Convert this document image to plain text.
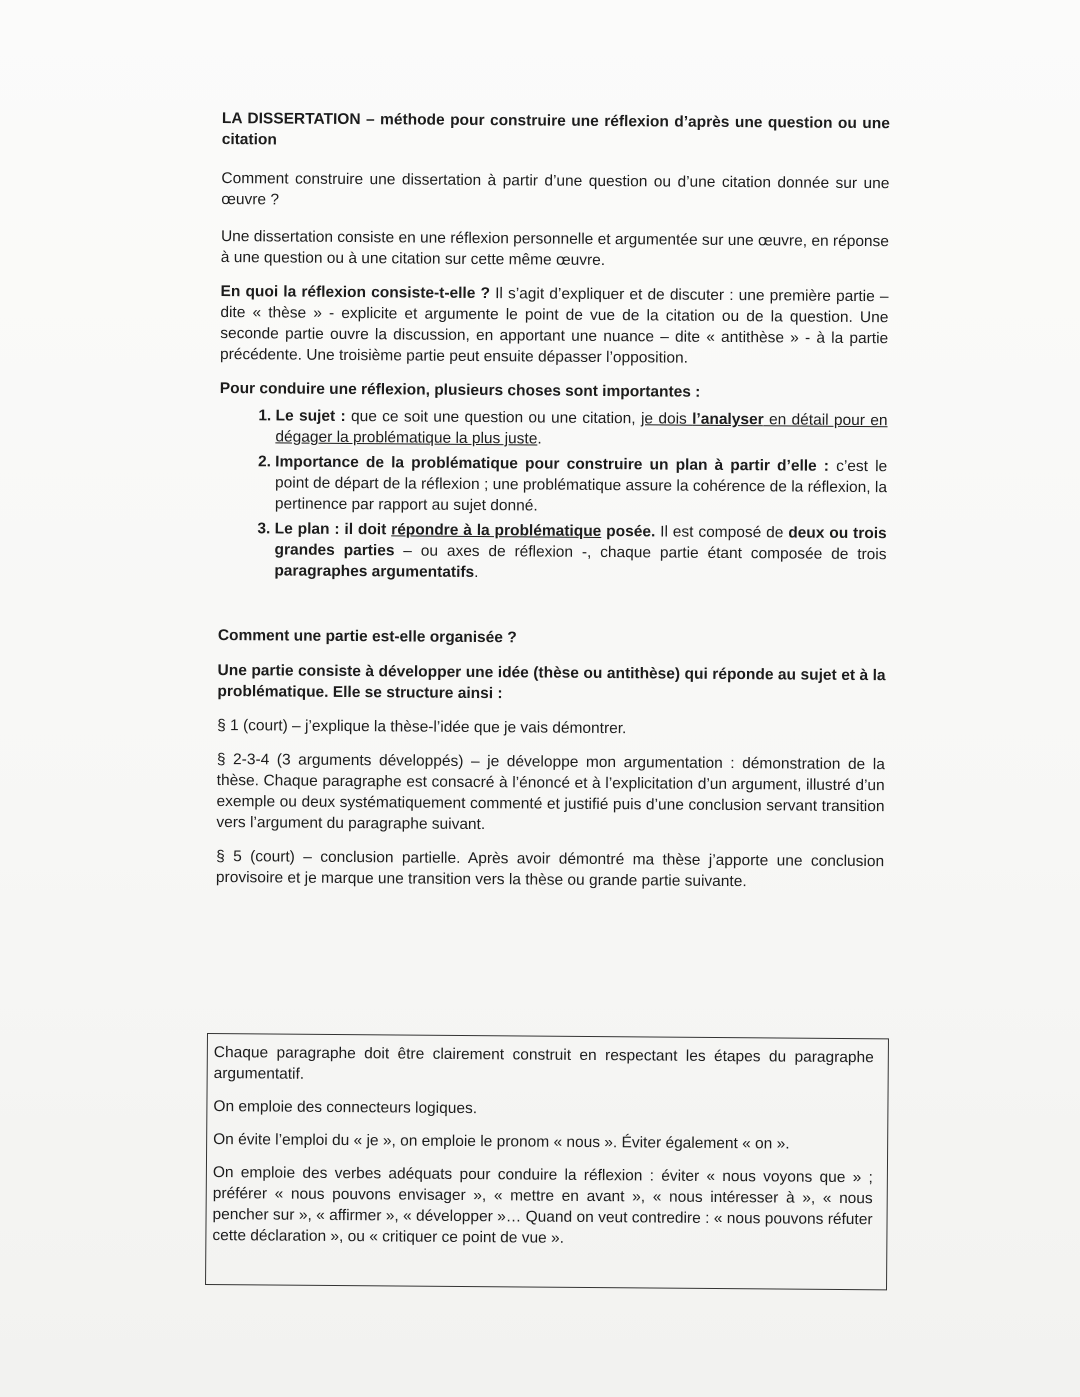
LA DISSERTATION – méthode pour construire une réflexion d’après une question ou une citation

Comment construire une dissertation à partir d’une question ou d’une citation donnée sur une œuvre ?

Une dissertation consiste en une réflexion personnelle et argumentée sur une œuvre, en réponse à une question ou à une citation sur cette même œuvre.

En quoi la réflexion consiste-t-elle ? Il s’agit d’expliquer et de discuter : une première partie – dite « thèse » - explicite et argumente le point de vue de la citation ou de la question. Une seconde partie ouvre la discussion, en apportant une nuance – dite « antithèse » - à la partie précédente. Une troisième partie peut ensuite dépasser l’opposition.

Pour conduire une réflexion, plusieurs choses sont importantes :

1. Le sujet : que ce soit une question ou une citation, je dois l’analyser en détail pour en dégager la problématique la plus juste.
2. Importance de la problématique pour construire un plan à partir d’elle : c’est le point de départ de la réflexion ; une problématique assure la cohérence de la réflexion, la pertinence par rapport au sujet donné.
3. Le plan : il doit répondre à la problématique posée. Il est composé de deux ou trois grandes parties – ou axes de réflexion -, chaque partie étant composée de trois paragraphes argumentatifs.

Comment une partie est-elle organisée ?

Une partie consiste à développer une idée (thèse ou antithèse) qui réponde au sujet et à la problématique. Elle se structure ainsi :

§ 1 (court) – j’explique la thèse-l’idée que je vais démontrer.

§ 2-3-4 (3 arguments développés) – je développe mon argumentation : démonstration de la thèse. Chaque paragraphe est consacré à l’énoncé et à l’explicitation d’un argument, illustré d’un exemple ou deux systématiquement commenté et justifié puis d’une conclusion servant transition vers l’argument du paragraphe suivant.

§ 5 (court) – conclusion partielle. Après avoir démontré ma thèse j’apporte une conclusion provisoire et je marque une transition vers la thèse ou grande partie suivante.

Chaque paragraphe doit être clairement construit en respectant les étapes du paragraphe argumentatif.

On emploie des connecteurs logiques.

On évite l’emploi du « je », on emploie le pronom « nous ». Éviter également « on ».

On emploie des verbes adéquats pour conduire la réflexion : éviter « nous voyons que » ; préférer « nous pouvons envisager », « mettre en avant », « nous intéresser à », « nous pencher sur », « affirmer », « développer »… Quand on veut contredire : « nous pouvons réfuter cette déclaration », ou « critiquer ce point de vue ».
